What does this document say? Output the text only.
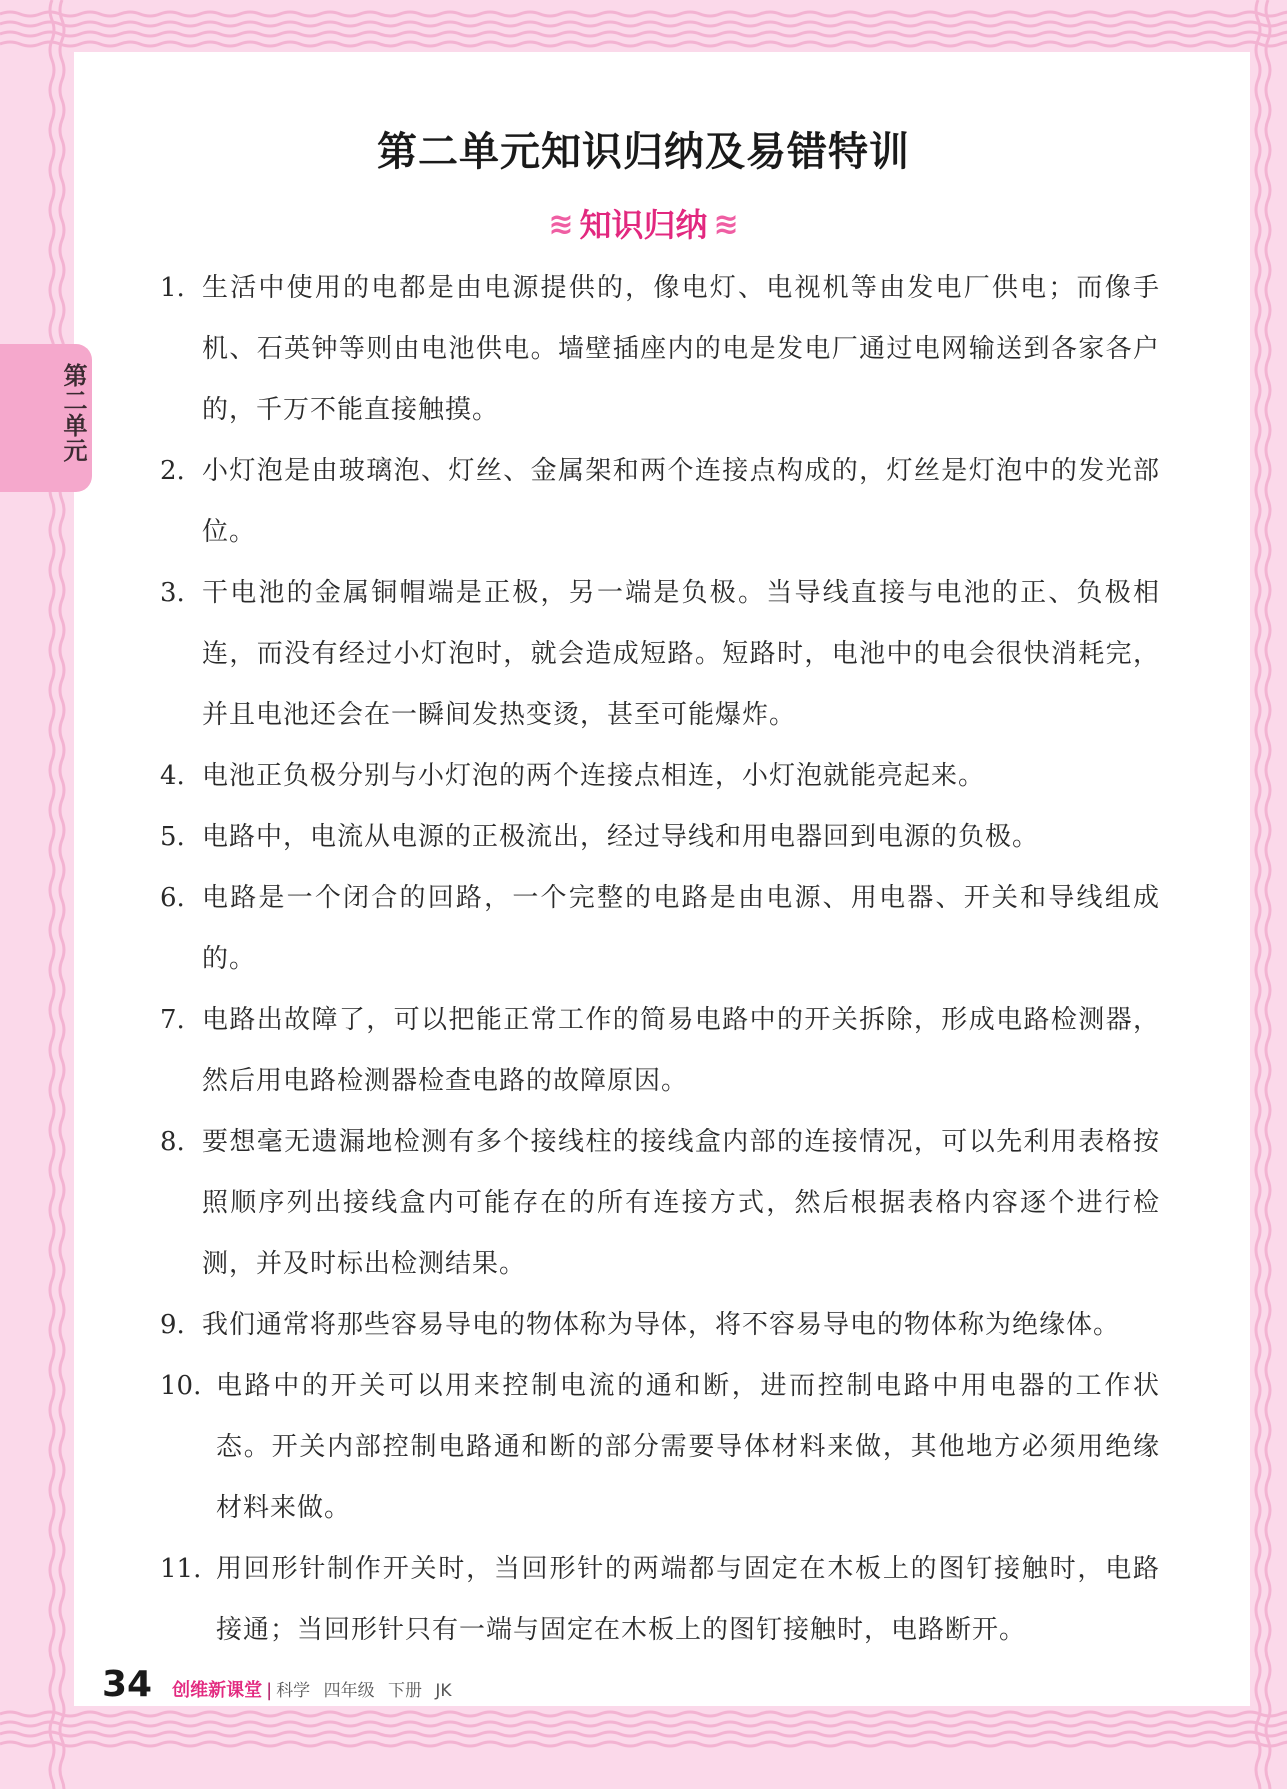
第二单元知识归纳及易错特训
≋ 知识归纳 ≋
第二单元
1. 生活中使用的电都是由电源提供的，像电灯、电视机等由发电厂供电；而像手机、石英钟等则由电池供电。墙壁插座内的电是发电厂通过电网输送到各家各户的，千万不能直接触摸。
2. 小灯泡是由玻璃泡、灯丝、金属架和两个连接点构成的，灯丝是灯泡中的发光部位。
3. 干电池的金属铜帽端是正极，另一端是负极。当导线直接与电池的正、负极相连，而没有经过小灯泡时，就会造成短路。短路时，电池中的电会很快消耗完，并且电池还会在一瞬间发热变烫，甚至可能爆炸。
4. 电池正负极分别与小灯泡的两个连接点相连，小灯泡就能亮起来。
5. 电路中，电流从电源的正极流出，经过导线和用电器回到电源的负极。
6. 电路是一个闭合的回路，一个完整的电路是由电源、用电器、开关和导线组成的。
7. 电路出故障了，可以把能正常工作的简易电路中的开关拆除，形成电路检测器，然后用电路检测器检查电路的故障原因。
8. 要想毫无遗漏地检测有多个接线柱的接线盒内部的连接情况，可以先利用表格按照顺序列出接线盒内可能存在的所有连接方式，然后根据表格内容逐个进行检测，并及时标出检测结果。
9. 我们通常将那些容易导电的物体称为导体，将不容易导电的物体称为绝缘体。
10. 电路中的开关可以用来控制电流的通和断，进而控制电路中用电器的工作状态。开关内部控制电路通和断的部分需要导体材料来做，其他地方必须用绝缘材料来做。
11. 用回形针制作开关时，当回形针的两端都与固定在木板上的图钉接触时，电路接通；当回形针只有一端与固定在木板上的图钉接触时，电路断开。
34 创维新课堂 | 科学 四年级 下册 JK
